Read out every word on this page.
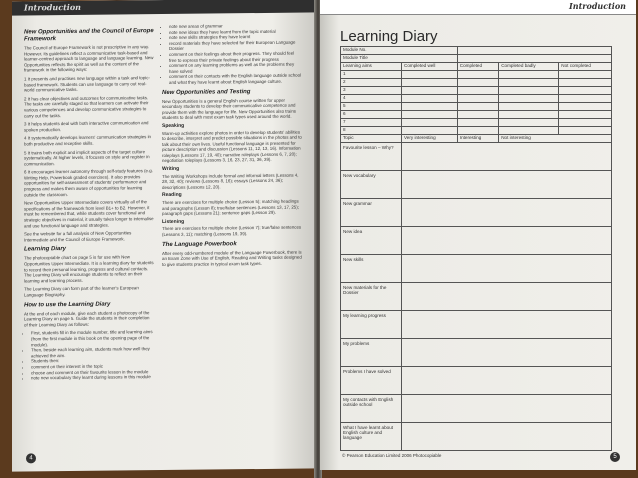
Introduction
New Opportunities and the Council of Europe Framework

The Council of Europe Framework is not prescriptive in any way. However, its guidelines reflect a communicative task-based and learner-centred approach to language and language learning. New Opportunities reflects the spirit as well as the content of the framework in the following ways:

1 It presents and practises new language within a task and topic-based framework. Students can use language to carry out real-world communicative tasks.

2 It has clear objectives and outcomes for communicative tasks. The tasks are carefully staged so that learners can activate their various competences and develop communicative strategies to carry out the tasks.

3 It helps students deal with both interactive communication and spoken production.

4 It systematically develops learners' communication strategies in both productive and receptive skills.

5 It trains both explicit and implicit aspects of the target culture systematically. At higher levels, it focuses on style and register in communication.

6 It encourages learner autonomy through self-study features (e.g. Writing Help, Powerbook graded exercises). It also provides opportunities for self-assessment of students' performance and progress and makes them aware of opportunities for learning outside the classroom.

New Opportunities Upper Intermediate covers virtually all of the specifications of the framework from level B1+ to B2. However, it must be remembered that, while students cover functional and strategic objectives in material, it usually takes longer to internalise and use functional language and strategies.

See the website for a full analysis of New Opportunities Intermediate and the Council of Europe Framework.

Learning Diary

The photocopiable chart on page 5 is for use with New Opportunities Upper Intermediate. It is a learning diary for students to record their personal learning, progress and cultural contacts. The Learning Diary will encourage students to reflect on their learning and learning process.

The Learning Diary can form part of the learner's European Language Biography.

How to use the Learning Diary

At the end of each module, give each student a photocopy of the Learning Diary on page 5. Guide the students in their completion of their Learning Diary as follows:

• First, students fill in the module number, title and learning aims (from the first module in this book on the opening page of the module).
• Then, beside each learning aim, students mark how well they achieved the aim.
• Students then:
• comment on their interest in the topic
• choose and comment on their favourite lesson in the module
• note new vocabulary they learnt during lessons in this module
• note new areas of grammar
• note new ideas they have learnt from the topic material
• note new skills strategies they have learnt
• record materials they have selected for their European Language Dossier
• comment on their feelings about their progress. They should feel free to express their private feelings about their progress
• comment on any learning problems as well as the problems they have solved
• comment on their contacts with the English language outside school and what they have learnt about English language culture.
New Opportunities and Testing

New Opportunities is a general English course written for upper secondary students to develop their communicative competence and provide them with the language for life. New Opportunities also trains students to deal with most exam task types used around the world.

Speaking

Warm-up activities explore photos in order to develop students' abilities to describe, interpret and predict possible situations in the photos and to talk about their own lives. Useful functional language is presented for picture description and discussion (Lessons 11, 12, 13, 16). Information roleplays (Lessons 17, 19, 40); narrative roleplays (Lessons 6, 7, 20); negotiation roleplays (Lessons 3, 16, 23, 27, 31, 36, 39).

Writing

The Writing Workshops include formal and informal letters (Lessons 4, 28, 32, 40); reviews (Lessons 8, 16); essays (Lessons 24, 36); descriptions (Lessons 12, 20).

Reading

There are exercises for multiple choice (Lesson 5); matching headings and paragraphs (Lesson 8); true/false sentences (Lessons 13, 17, 25); paragraph gaps (Lessons 21); sentence gaps (Lesson 29).

Listening

There are exercises for multiple choice (Lesson 7); true/false sentences (Lessons 3, 11); matching (Lessons 19, 39).

The Language Powerbook

After every odd-numbered module of the Language Powerbook, there is an Exam Zone with Use of English, Reading and Writing tasks designed to give students practice in typical exam task types.

4
Introduction
Learning Diary
Module No.				
Module Title				
Learning aims	Completed well	Completed	Completed badly	Not completed
1				
2				
3				
4				
5				
6				
7				
8				
Topic	Very interesting	Interesting	Not interesting	
Favourite lesson – Why?				
New vocabulary				
New grammar				
New idea				
New skills				
New materials for the Dossier				
My learning progress				
My problems				
Problems I have solved				
My contacts with English outside school				
What I have learnt about English culture and language				
© Pearson Education Limited 2006 Photocopiable	5
